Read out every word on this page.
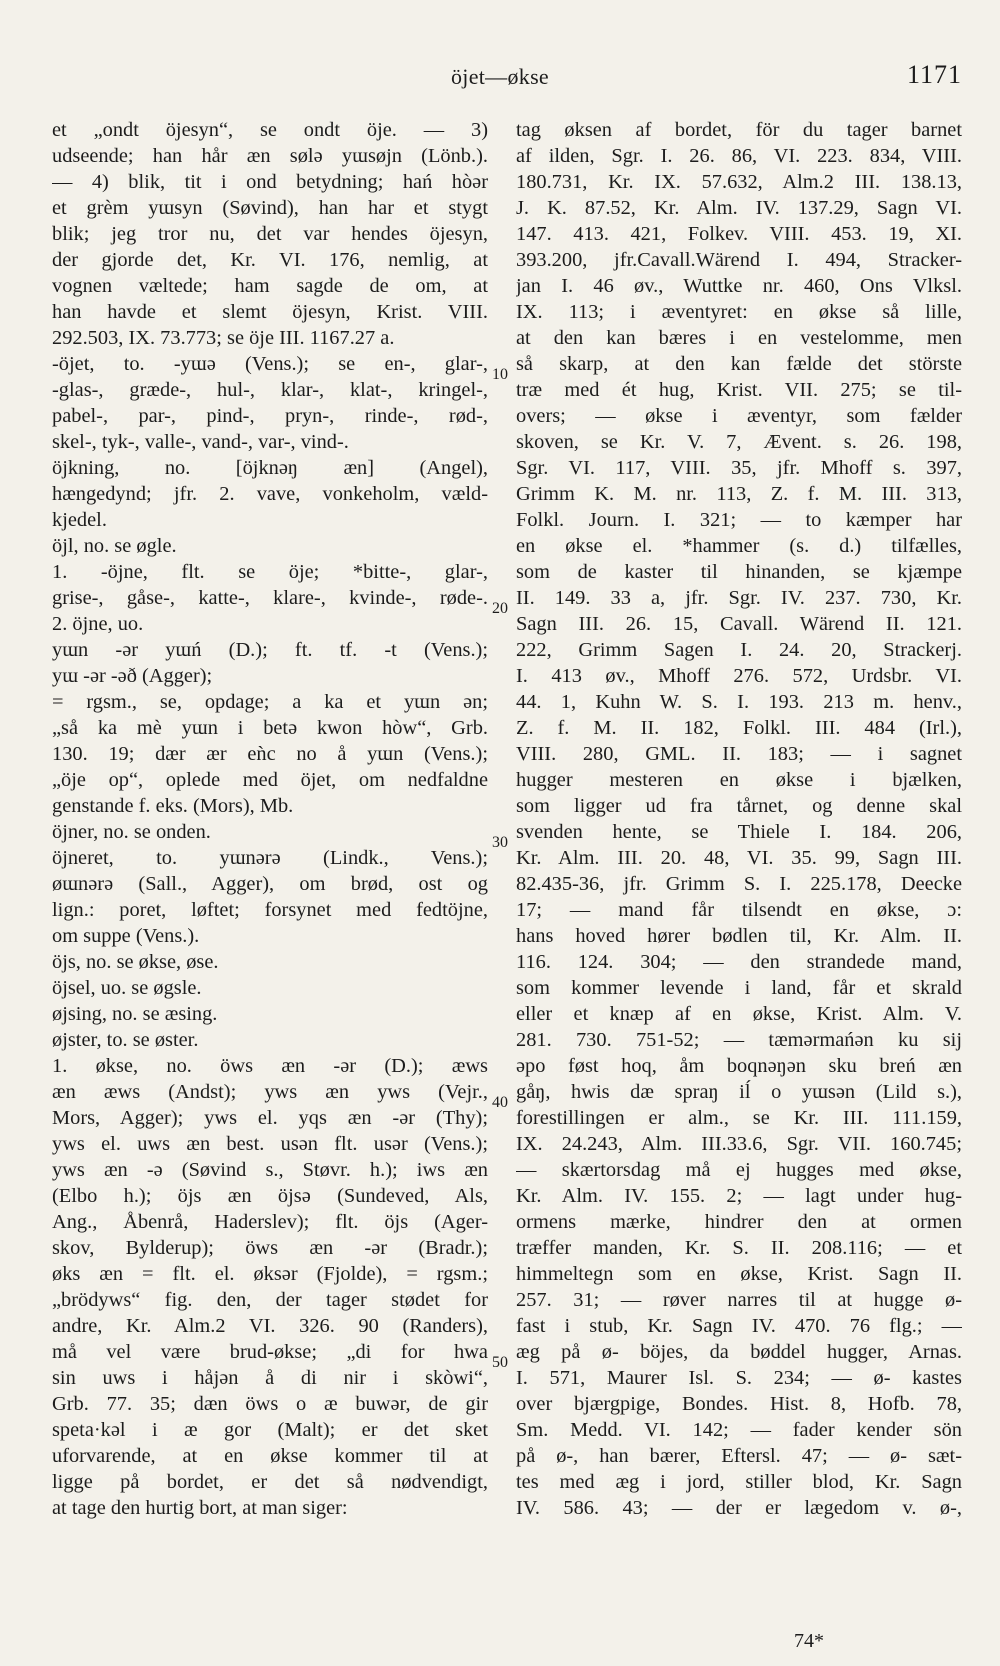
öjet—økse	1171
et „ondt öjesyn“, se ondt öje. — 3)
udseende; han hår æn sølə yɯsøjn (Lönb.).
— 4) blik, tit i ond betydning; hań hòər
et grèm yɯsyn (Søvind), han har et stygt
blik; jeg tror nu, det var hendes öjesyn,
der gjorde det, Kr. VI. 176, nemlig, at
vognen væltede; ham sagde de om, at
han havde et slemt öjesyn, Krist. VIII.
292.503, IX. 73.773; se öje III. 1167.27 a.
-öjet, to. -yɯə (Vens.); se en-, glar-,
-glas-, græde-, hul-, klar-, klat-, kringel-,
pabel-, par-, pind-, pryn-, rinde-, rød-,
skel-, tyk-, valle-, vand-, var-, vind-.
öjkning, no. [öjknəŋ æn] (Angel),
hængedynd; jfr. 2. vave, vonkeholm, væld-
kjedel.
öjl, no. se øgle.
1. -öjne, flt. se öje; *bitte-, glar-,
grise-, gåse-, katte-, klare-, kvinde-, røde-.
2. öjne, uo.
yɯn -ər yɯń (D.); ft. tf. -t (Vens.);
yɯ -ər -əð (Agger);
= rgsm., se, opdage; a ka et yɯn ən;
„så ka mè yɯn i betə kwon hòw“, Grb.
130. 19; dær ær eǹc no å yɯn (Vens.);
„öje op“, oplede med öjet, om nedfaldne
genstande f. eks. (Mors), Mb.
öjner, no. se onden.
öjneret, to. yɯnərə (Lindk., Vens.);
øɯnərə (Sall., Agger), om brød, ost og
lign.: poret, løftet; forsynet med fedtöjne,
om suppe (Vens.).
öjs, no. se økse, øse.
öjsel, uo. se øgsle.
øjsing, no. se æsing.
øjster, to. se øster.
1. økse, no. öws æn -ər (D.); æws
æn æws (Andst); yws æn yws (Vejr.,
Mors, Agger); yws el. yqs æn -ər (Thy);
yws el. uws æn best. usən flt. usər (Vens.);
yws æn -ə (Søvind s., Støvr. h.); iws æn
(Elbo h.); öjs æn öjsə (Sundeved, Als,
Ang., Åbenrå, Haderslev); flt. öjs (Ager-
skov, Bylderup); öws æn -ər (Bradr.);
øks æn = flt. el. øksər (Fjolde), = rgsm.;
„brödyws“ fig. den, der tager stødet for
andre, Kr. Alm.2 VI. 326. 90 (Randers),
må vel være brud-økse; „di for hwa
sin uws i håjən å di nir i skòwi“,
Grb. 77. 35; dæn öws o æ buwər, de gir
speta·kəl i æ gor (Malt); er det sket
uforvarende, at en økse kommer til at
ligge på bordet, er det så nødvendigt,
at tage den hurtig bort, at man siger:
10
20
30
40
50
tag øksen af bordet, för du tager barnet
af ilden, Sgr. I. 26. 86, VI. 223. 834, VIII.
180.731, Kr. IX. 57.632, Alm.2 III. 138.13,
J. K. 87.52, Kr. Alm. IV. 137.29, Sagn VI.
147. 413. 421, Folkev. VIII. 453. 19, XI.
393.200, jfr.Cavall.Wärend I. 494, Stracker-
jan I. 46 øv., Wuttke nr. 460, Ons Vlksl.
IX. 113; i æventyret: en økse så lille,
at den kan bæres i en vestelomme, men
så skarp, at den kan fælde det störste
træ med ét hug, Krist. VII. 275; se til-
overs; — økse i æventyr, som fælder
skoven, se Kr. V. 7, Ævent. s. 26. 198,
Sgr. VI. 117, VIII. 35, jfr. Mhoff s. 397,
Grimm K. M. nr. 113, Z. f. M. III. 313,
Folkl. Journ. I. 321; — to kæmper har
en økse el. *hammer (s. d.) tilfælles,
som de kaster til hinanden, se kjæmpe
II. 149. 33 a, jfr. Sgr. IV. 237. 730, Kr.
Sagn III. 26. 15, Cavall. Wärend II. 121.
222, Grimm Sagen I. 24. 20, Strackerj.
I. 413 øv., Mhoff 276. 572, Urdsbr. VI.
44. 1, Kuhn W. S. I. 193. 213 m. henv.,
Z. f. M. II. 182, Folkl. III. 484 (Irl.),
VIII. 280, GML. II. 183; — i sagnet
hugger mesteren en økse i bjælken,
som ligger ud fra tårnet, og denne skal
svenden hente, se Thiele I. 184. 206,
Kr. Alm. III. 20. 48, VI. 35. 99, Sagn III.
82.435-36, jfr. Grimm S. I. 225.178, Deecke
17; — mand får tilsendt en økse, ɔ:
hans hoved hører bødlen til, Kr. Alm. II.
116. 124. 304; — den strandede mand,
som kommer levende i land, får et skrald
eller et knæp af en økse, Krist. Alm. V.
281. 730. 751-52; — tæmərmańən ku sij
əpo føst hoq, åm boqnəŋən sku breń æn
gåŋ, hwis dæ spraŋ iĺ o yɯsən (Lild s.),
forestillingen er alm., se Kr. III. 111.159,
IX. 24.243, Alm. III.33.6, Sgr. VII. 160.745;
— skærtorsdag må ej hugges med økse,
Kr. Alm. IV. 155. 2; — lagt under hug-
ormens mærke, hindrer den at ormen
træffer manden, Kr. S. II. 208.116; — et
himmeltegn som en økse, Krist. Sagn II.
257. 31; — røver narres til at hugge ø-
fast i stub, Kr. Sagn IV. 470. 76 flg.; —
æg på ø- böjes, da bøddel hugger, Arnas.
I. 571, Maurer Isl. S. 234; — ø- kastes
over bjærgpige, Bondes. Hist. 8, Hofb. 78,
Sm. Medd. VI. 142; — fader kender sön
på ø-, han bærer, Eftersl. 47; — ø- sæt-
tes med æg i jord, stiller blod, Kr. Sagn
IV. 586. 43; — der er lægedom v. ø-,
74*
